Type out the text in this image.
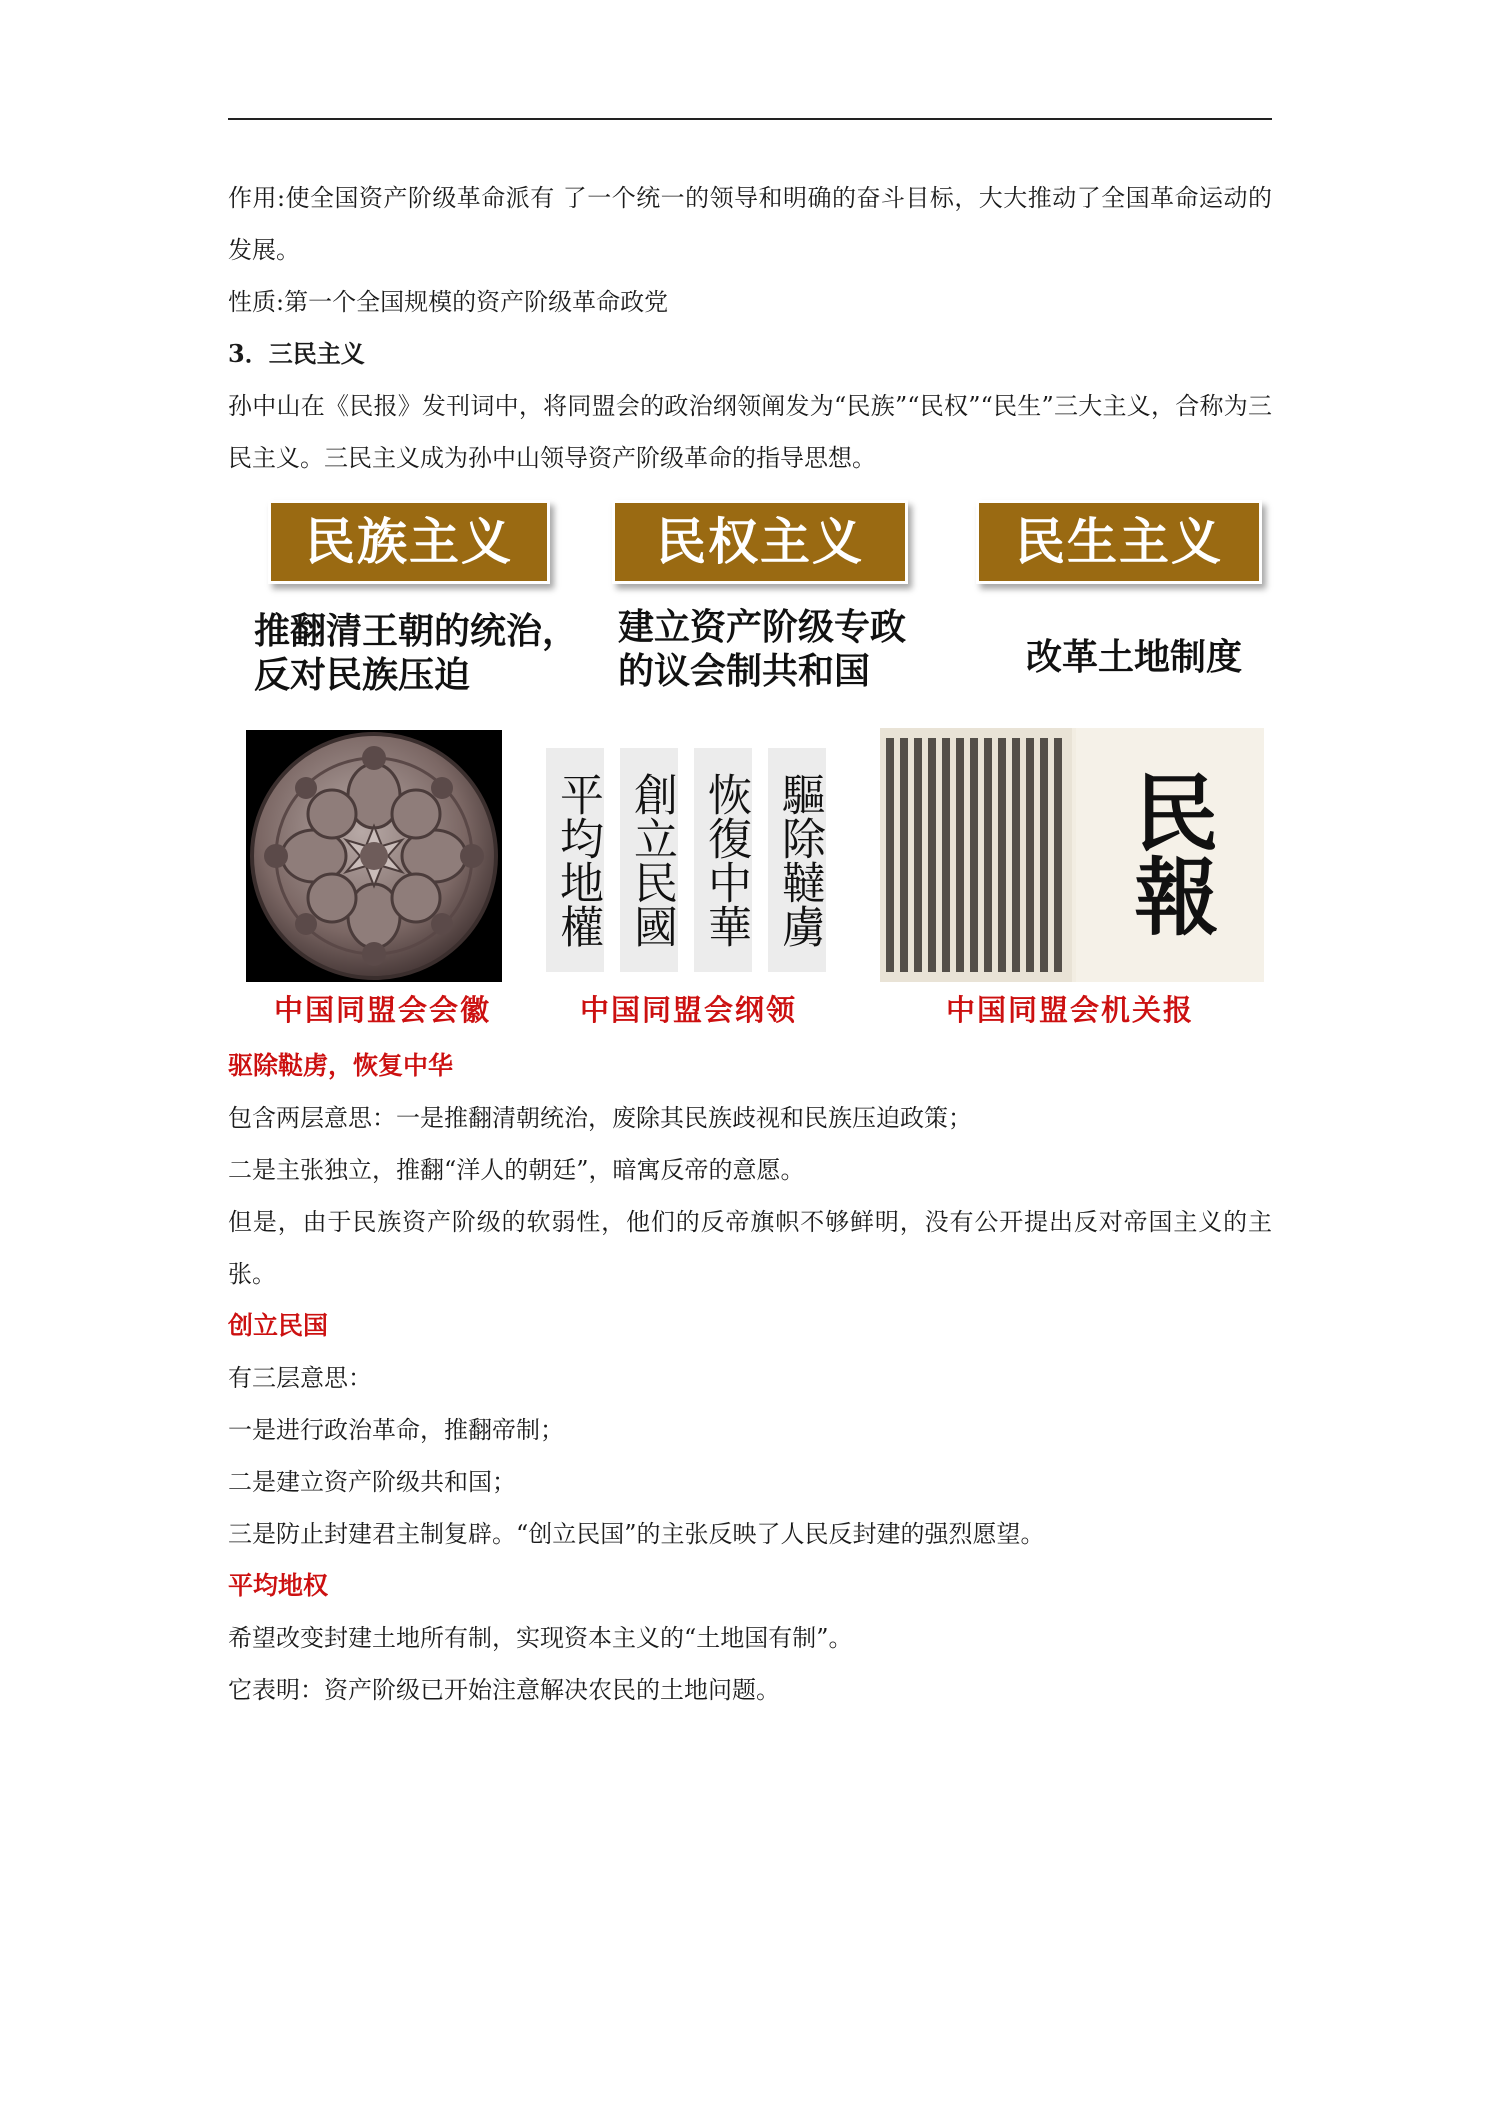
作用:使全国资产阶级革命派有 了一个统一的领导和明确的奋斗目标，大大推动了全国革命运动的发展。

性质:第一个全国规模的资产阶级革命政党

3．三民主义

孙中山在《民报》发刊词中，将同盟会的政治纲领阐发为“民族”“民权”“民生”三大主义，合称为三民主义。三民主义成为孙中山领导资产阶级革命的指导思想。

民族主义	民权主义	民生主义
推翻清王朝的统治，
反对民族压迫
建立资产阶级专政
的议会制共和国	改革土地制度
驅除韃虜
恢復中華
創立民國
平均地權	民報
中国同盟会会徽	中国同盟会纲领	中国同盟会机关报

驱除鞑虏，恢复中华

包含两层意思：一是推翻清朝统治，废除其民族歧视和民族压迫政策；

二是主张独立，推翻“洋人的朝廷”，暗寓反帝的意愿。

但是，由于民族资产阶级的软弱性，他们的反帝旗帜不够鲜明，没有公开提出反对帝国主义的主张。

创立民国

有三层意思：

一是进行政治革命，推翻帝制；

二是建立资产阶级共和国；

三是防止封建君主制复辟。“创立民国”的主张反映了人民反封建的强烈愿望。

平均地权

希望改变封建土地所有制，实现资本主义的“土地国有制”。

它表明：资产阶级已开始注意解决农民的土地问题。
